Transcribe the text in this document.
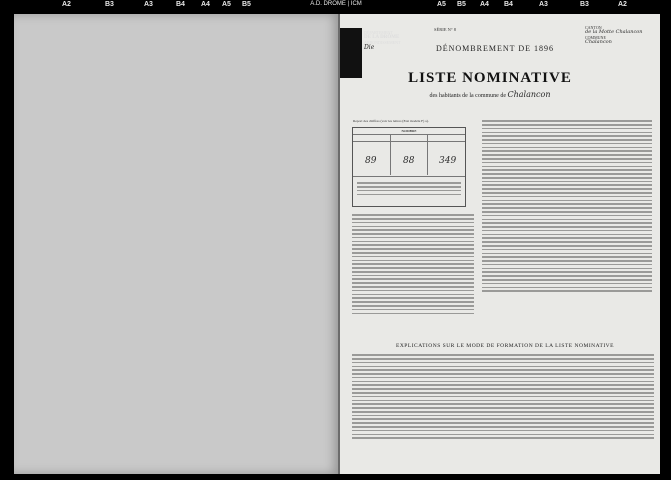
A2	B3	A3	B4 A4 A5 B5	A.D. DROME | ICM	A5 B5 A4 B4	A3	B3	A2
DÉPARTEMENT
DE LA DRÔME
ARRONDISSEMENT
Die
SÉRIE N° 8	CANTON
de la Motte Chalancon
COMMUNE
Chalancon
DÉNOMBREMENT DE 1896
LISTE NOMINATIVE
des habitants de la commune de Chalancon
Report des chiffres (voir les lettres (Etat modèle F) a).
NOMBRE
89	88	349
EXPLICATIONS SUR LE MODE DE FORMATION DE LA LISTE NOMINATIVE
